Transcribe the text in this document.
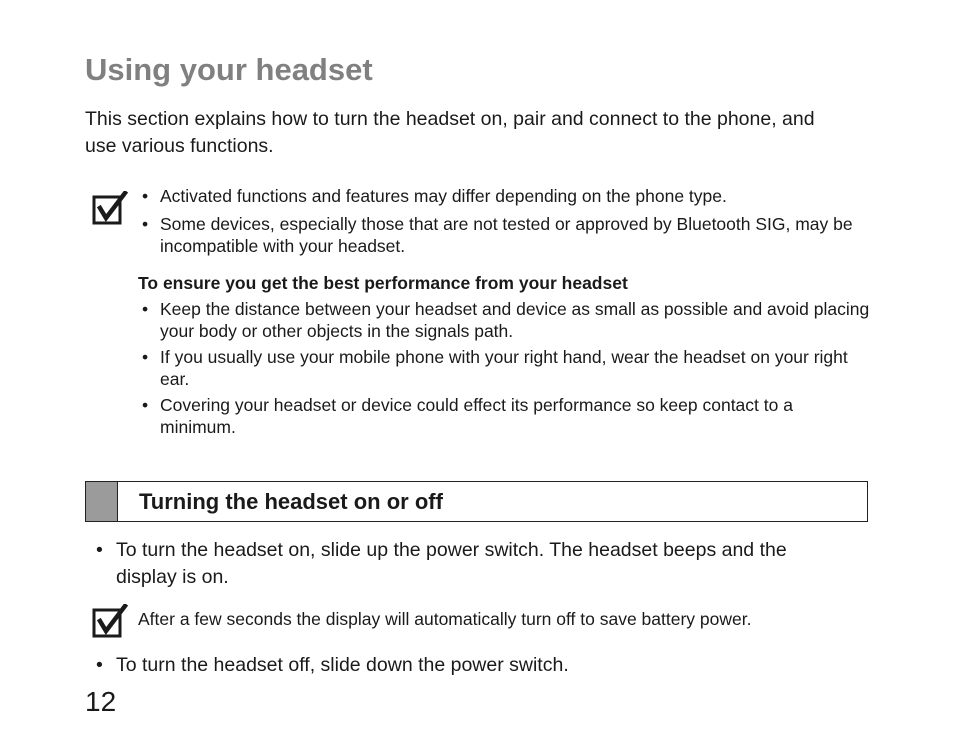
Using your headset

This section explains how to turn the headset on, pair and connect to the phone, and use various functions.

• Activated functions and features may differ depending on the phone type.
• Some devices, especially those that are not tested or approved by Bluetooth SIG, may be incompatible with your headset.

To ensure you get the best performance from your headset

• Keep the distance between your headset and device as small as possible and avoid placing your body or other objects in the signals path.
• If you usually use your mobile phone with your right hand, wear the headset on your right ear.
• Covering your headset or device could effect its performance so keep contact to a minimum.
Turning the headset on or off
• To turn the headset on, slide up the power switch. The headset beeps and the display is on.

After a few seconds the display will automatically turn off to save battery power.

• To turn the headset off, slide down the power switch.

12
